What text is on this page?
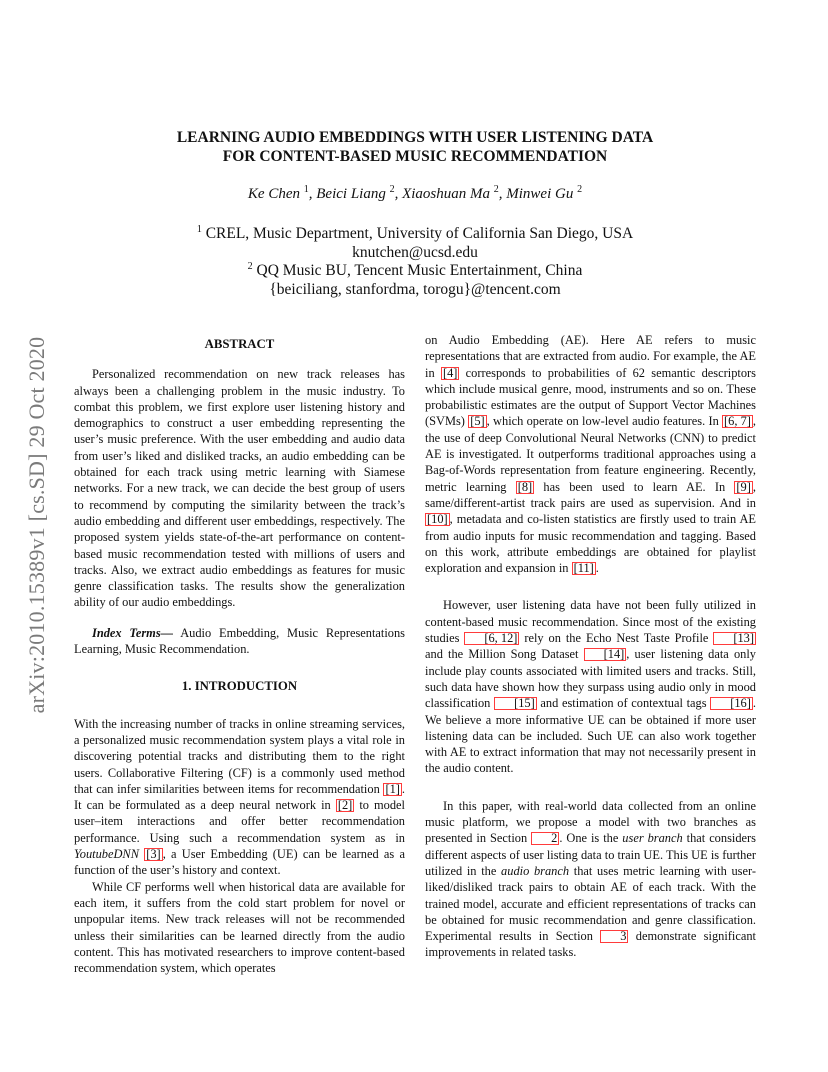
arXiv:2010.15389v1 [cs.SD] 29 Oct 2020
LEARNING AUDIO EMBEDDINGS WITH USER LISTENING DATA
FOR CONTENT-BASED MUSIC RECOMMENDATION
Ke Chen $^1$, Beici Liang $^2$, Xiaoshuan Ma $^2$, Minwei Gu $^2$
$^1$ CREL, Music Department, University of California San Diego, USA
knutchen@ucsd.edu
$^2$ QQ Music BU, Tencent Music Entertainment, China
{beiciliang, stanfordma, torogu}@tencent.com
ABSTRACT

Personalized recommendation on new track releases has always been a challenging problem in the music industry. To combat this problem, we first explore user listening history and demographics to construct a user embedding representing the user’s music preference. With the user embedding and audio data from user’s liked and disliked tracks, an audio embedding can be obtained for each track using metric learning with Siamese networks. For a new track, we can decide the best group of users to recommend by computing the similarity between the track’s audio embedding and different user embeddings, respectively. The proposed system yields state-of-the-art performance on content-based music recommendation tested with millions of users and tracks. Also, we extract audio embeddings as features for music genre classification tasks. The results show the generalization ability of our audio embeddings.

Index Terms— Audio Embedding, Music Representations Learning, Music Recommendation.

1. INTRODUCTION

With the increasing number of tracks in online streaming services, a personalized music recommendation system plays a vital role in discovering potential tracks and distributing them to the right users. Collaborative Filtering (CF) is a commonly used method that can infer similarities between items for recommendation [1] . It can be formulated as a deep neural network in [2] to model user–item interactions and offer better recommendation performance. Using such a recommendation system as in YoutubeDNN [3] , a User Embedding (UE) can be learned as a function of the user’s history and context.

While CF performs well when historical data are available for each item, it suffers from the cold start problem for novel or unpopular items. New track releases will not be recommended unless their similarities can be learned directly from the audio content. This has motivated researchers to improve content-based recommendation system, which operates

on Audio Embedding (AE). Here AE refers to music representations that are extracted from audio. For example, the AE in [4] corresponds to probabilities of 62 semantic descriptors which include musical genre, mood, instruments and so on. These probabilistic estimates are the output of Support Vector Machines (SVMs) [5] , which operate on low-level audio features. In [6, 7] , the use of deep Convolutional Neural Networks (CNN) to predict AE is investigated. It outperforms traditional approaches using a Bag-of-Words representation from feature engineering. Recently, metric learning [8] has been used to learn AE. In [9] , same/different-artist track pairs are used as supervision. And in [10] , metadata and co-listen statistics are firstly used to train AE from audio inputs for music recommendation and tagging. Based on this work, attribute embeddings are obtained for playlist exploration and expansion in [11] .

However, user listening data have not been fully utilized in content-based music recommendation. Since most of the existing studies [6, 12] rely on the Echo Nest Taste Profile [13] and the Million Song Dataset [14] , user listening data only include play counts associated with limited users and tracks. Still, such data have shown how they surpass using audio only in mood classification [15] and estimation of contextual tags [16] . We believe a more informative UE can be obtained if more user listening data can be included. Such UE can also work together with AE to extract information that may not necessarily present in the audio content.

In this paper, with real-world data collected from an online music platform, we propose a model with two branches as presented in Section 2 . One is the user branch that considers different aspects of user listing data to train UE. This UE is further utilized in the audio branch that uses metric learning with user-liked/disliked track pairs to obtain AE of each track. With the trained model, accurate and efficient representations of tracks can be obtained for music recommendation and genre classification. Experimental results in Section 3 demonstrate significant improvements in related tasks.
